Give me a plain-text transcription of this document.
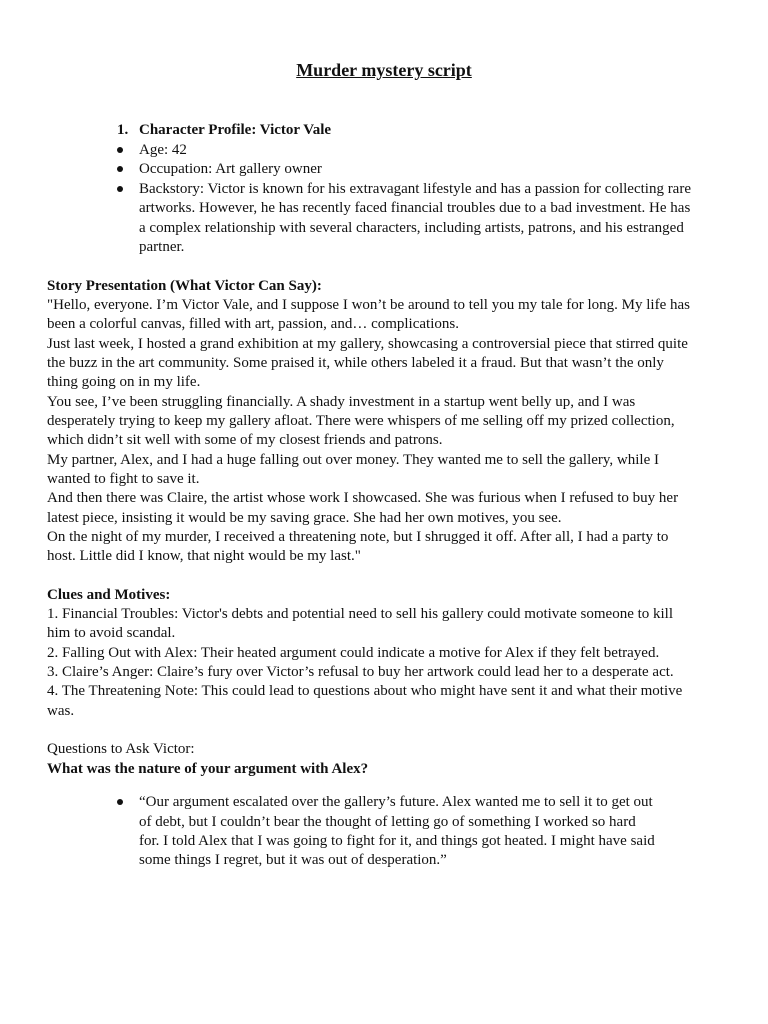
Murder mystery script
1. Character Profile: Victor Vale
Age: 42
Occupation: Art gallery owner
Backstory: Victor is known for his extravagant lifestyle and has a passion for collecting rare
artworks. However, he has recently faced financial troubles due to a bad investment. He has
a complex relationship with several characters, including artists, patrons, and his estranged
partner.
Story Presentation (What Victor Can Say):
"Hello, everyone. I’m Victor Vale, and I suppose I won’t be around to tell you my tale for long. My life has
been a colorful canvas, filled with art, passion, and… complications.
Just last week, I hosted a grand exhibition at my gallery, showcasing a controversial piece that stirred quite
the buzz in the art community. Some praised it, while others labeled it a fraud. But that wasn’t the only
thing going on in my life.
You see, I’ve been struggling financially. A shady investment in a startup went belly up, and I was
desperately trying to keep my gallery afloat. There were whispers of me selling off my prized collection,
which didn’t sit well with some of my closest friends and patrons.
My partner, Alex, and I had a huge falling out over money. They wanted me to sell the gallery, while I
wanted to fight to save it.
And then there was Claire, the artist whose work I showcased. She was furious when I refused to buy her
latest piece, insisting it would be my saving grace. She had her own motives, you see.
On the night of my murder, I received a threatening note, but I shrugged it off. After all, I had a party to
host. Little did I know, that night would be my last."
Clues and Motives:
1. Financial Troubles: Victor's debts and potential need to sell his gallery could motivate someone to kill
him to avoid scandal.
2. Falling Out with Alex: Their heated argument could indicate a motive for Alex if they felt betrayed.
3. Claire’s Anger: Claire’s fury over Victor’s refusal to buy her artwork could lead her to a desperate act.
4. The Threatening Note: This could lead to questions about who might have sent it and what their motive
was.
Questions to Ask Victor:
What was the nature of your argument with Alex?
“Our argument escalated over the gallery’s future. Alex wanted me to sell it to get out
of debt, but I couldn’t bear the thought of letting go of something I worked so hard
for. I told Alex that I was going to fight for it, and things got heated. I might have said
some things I regret, but it was out of desperation.”
